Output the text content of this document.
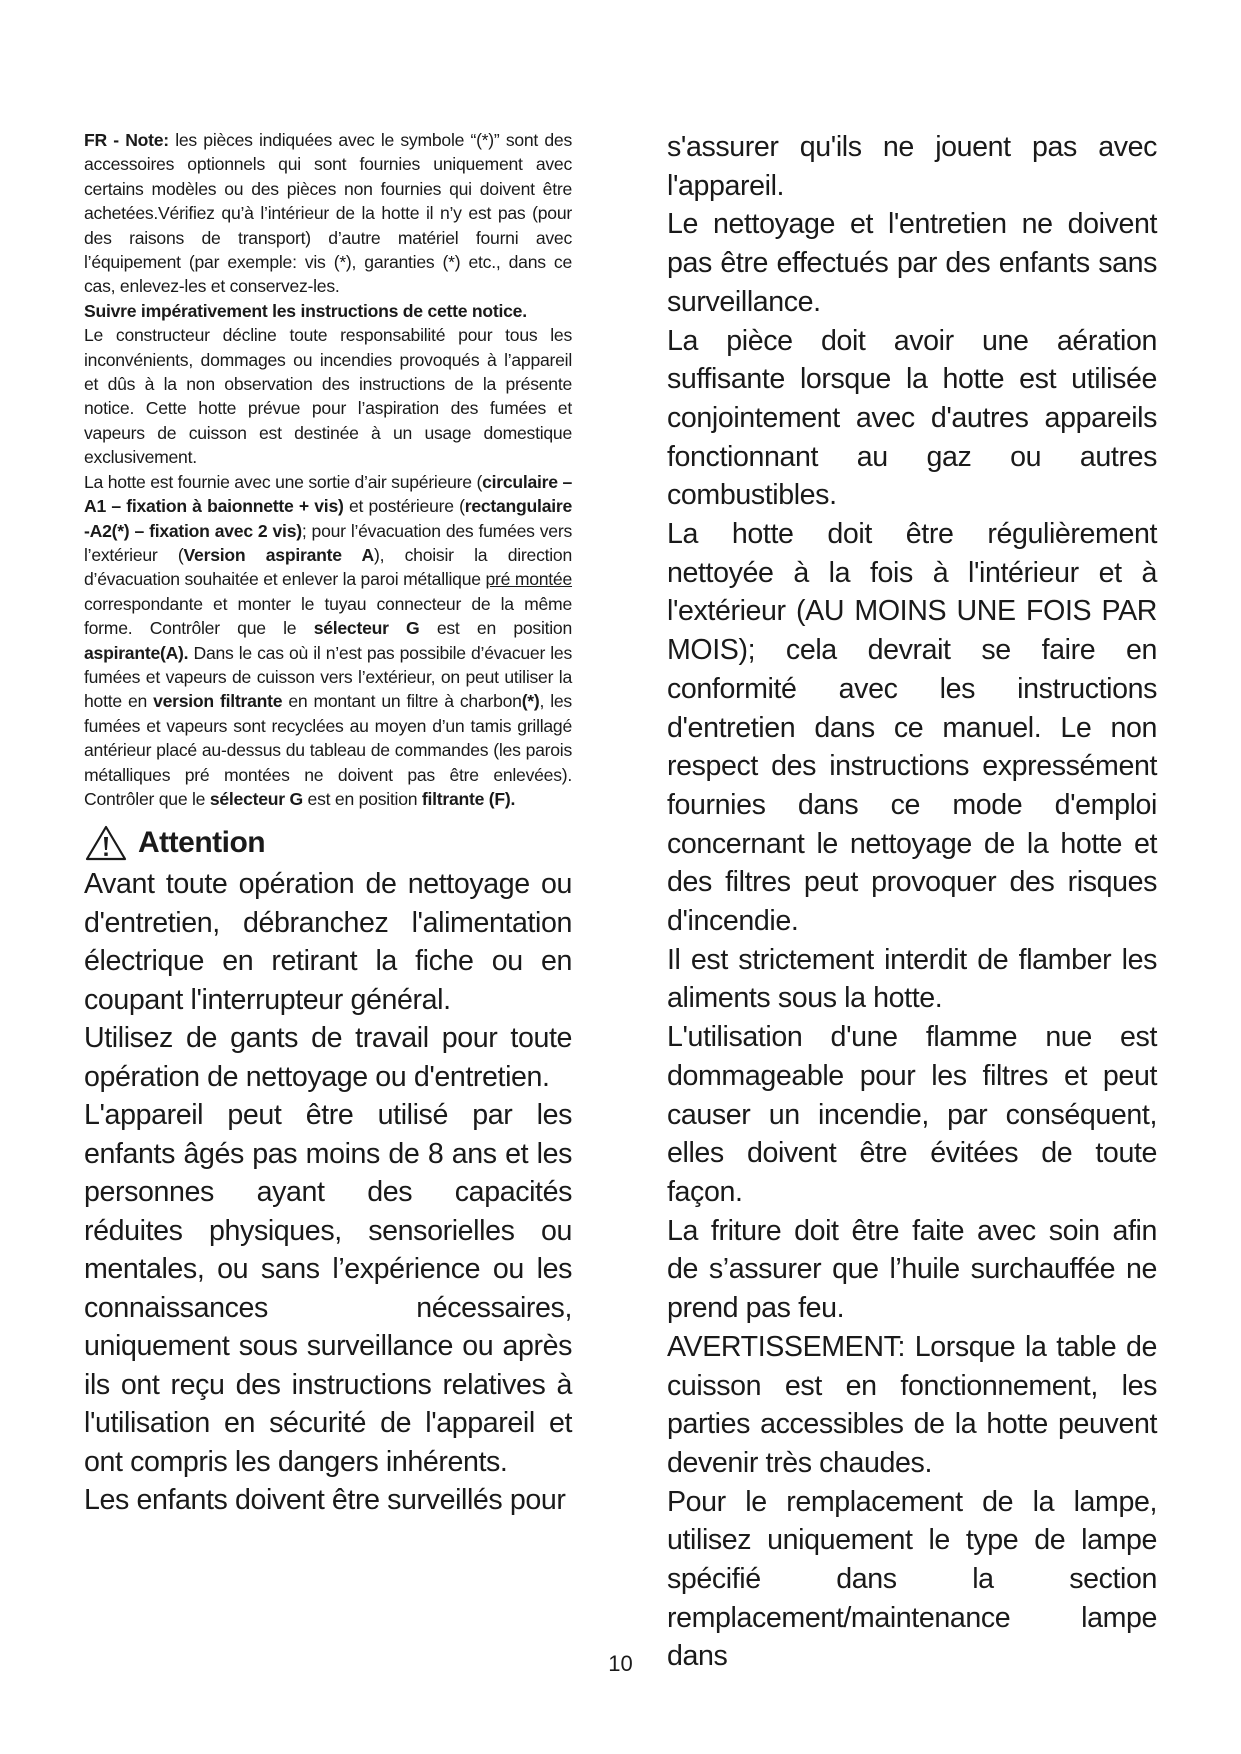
FR - Note: les pièces indiquées avec le symbole “(*)” sont des accessoires optionnels qui sont fournies uniquement avec certains modèles ou des pièces non fournies qui doivent être achetées.Vérifiez qu’à l’intérieur de la hotte il n’y est pas (pour des raisons de transport) d’autre matériel fourni avec l’équipement (par exemple: vis (*), garanties (*) etc., dans ce cas, enlevez-les et conservez-les.

Suivre impérativement les instructions de cette notice.

Le constructeur décline toute responsabilité pour tous les inconvénients, dommages ou incendies provoqués à l’appareil et dûs à la non observation des instructions de la présente notice. Cette hotte prévue pour l’aspiration des fumées et vapeurs de cuisson est destinée à un usage domestique exclusivement.

La hotte est fournie avec une sortie d’air supérieure (circulaire – A1 – fixation à baionnette + vis) et postérieure (rectangulaire -A2(*) – fixation avec 2 vis); pour l’évacuation des fumées vers l’extérieur (Version aspirante A), choisir la direction d’évacuation souhaitée et enlever la paroi métallique pré montée correspondante et monter le tuyau connecteur de la même forme. Contrôler que le sélecteur G est en position aspirante(A). Dans le cas où il n’est pas possibile d’évacuer les fumées et vapeurs de cuisson vers l’extérieur, on peut utiliser la hotte en version filtrante en montant un filtre à charbon(*), les fumées et vapeurs sont recyclées au moyen d’un tamis grillagé antérieur placé au-dessus du tableau de commandes (les parois métalliques pré montées ne doivent pas être enlevées). Contrôler que le sélecteur G est en position filtrante (F).

Attention

Avant toute opération de nettoyage ou d'entretien, débranchez l'alimentation électrique en retirant la fiche ou en coupant l'interrupteur général.

Utilisez de gants de travail pour toute opération de nettoyage ou d'entretien.

L'appareil peut être utilisé par les enfants âgés pas moins de 8 ans et les personnes ayant des capacités réduites physiques, sensorielles ou mentales, ou sans l’expérience ou les connaissances nécessaires, uniquement sous surveillance ou après ils ont reçu des instructions relatives à l'utilisation en sécurité de l'appareil et ont compris les dangers inhérents.

Les enfants doivent être surveillés pour

s'assurer qu'ils ne jouent pas avec l'appareil.

Le nettoyage et l'entretien ne doivent pas être effectués par des enfants sans surveillance.

La pièce doit avoir une aération suffisante lorsque la hotte est utilisée conjointement avec d'autres appareils fonctionnant au gaz ou autres combustibles.

La hotte doit être régulièrement nettoyée à la fois à l'intérieur et à l'extérieur (AU MOINS UNE FOIS PAR MOIS); cela devrait se faire en conformité avec les instructions d'entretien dans ce manuel. Le non respect des instructions expressément fournies dans ce mode d'emploi concernant le nettoyage de la hotte et des filtres peut provoquer des risques d'incendie.

Il est strictement interdit de flamber les aliments sous la hotte.

L'utilisation d'une flamme nue est dommageable pour les filtres et peut causer un incendie, par conséquent, elles doivent être évitées de toute façon.

La friture doit être faite avec soin afin de s’assurer que l’huile surchauffée ne prend pas feu.

AVERTISSEMENT: Lorsque la table de cuisson est en fonctionnement, les parties accessibles de la hotte peuvent devenir très chaudes.

Pour le remplacement de la lampe, utilisez uniquement le type de lampe spécifié dans la section remplacement/maintenance lampe dans

10
